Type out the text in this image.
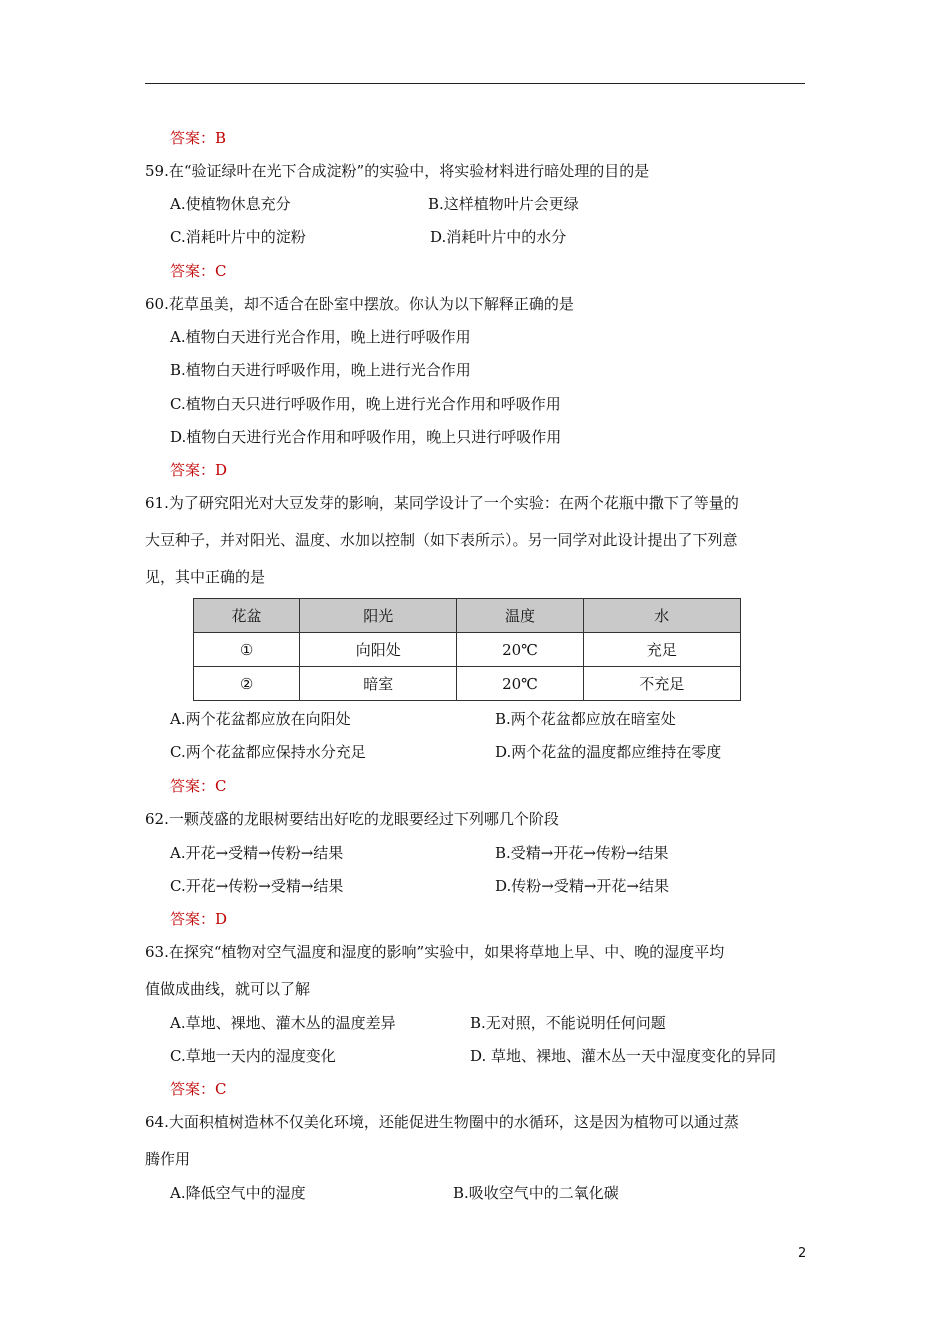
答案：B
59.在“验证绿叶在光下合成淀粉”的实验中，将实验材料进行暗处理的目的是
A.使植物休息充分	B.这样植物叶片会更绿
C.消耗叶片中的淀粉	D.消耗叶片中的水分
答案：C
60.花草虽美，却不适合在卧室中摆放。你认为以下解释正确的是
A.植物白天进行光合作用，晚上进行呼吸作用
B.植物白天进行呼吸作用，晚上进行光合作用
C.植物白天只进行呼吸作用，晚上进行光合作用和呼吸作用
D.植物白天进行光合作用和呼吸作用，晚上只进行呼吸作用
答案：D
61.为了研究阳光对大豆发芽的影响，某同学设计了一个实验：在两个花瓶中撒下了等量的
大豆种子，并对阳光、温度、水加以控制（如下表所示）。另一同学对此设计提出了下列意
见，其中正确的是
花盆	阳光	温度	水
①	向阳处	20℃	充足
②	暗室	20℃	不充足
A.两个花盆都应放在向阳处	B.两个花盆都应放在暗室处
C.两个花盆都应保持水分充足	D.两个花盆的温度都应维持在零度
答案：C
62.一颗茂盛的龙眼树要结出好吃的龙眼要经过下列哪几个阶段
A.开花→受精→传粉→结果	B.受精→开花→传粉→结果
C.开花→传粉→受精→结果	D.传粉→受精→开花→结果
答案：D
63.在探究“植物对空气温度和湿度的影响”实验中，如果将草地上早、中、晚的湿度平均
值做成曲线，就可以了解
A.草地、裸地、灌木丛的温度差异	B.无对照，不能说明任何问题
C.草地一天内的湿度变化	D. 草地、裸地、灌木丛一天中湿度变化的异同
答案：C
64.大面积植树造林不仅美化环境，还能促进生物圈中的水循环，这是因为植物可以通过蒸
腾作用
A.降低空气中的湿度	B.吸收空气中的二氧化碳
2
